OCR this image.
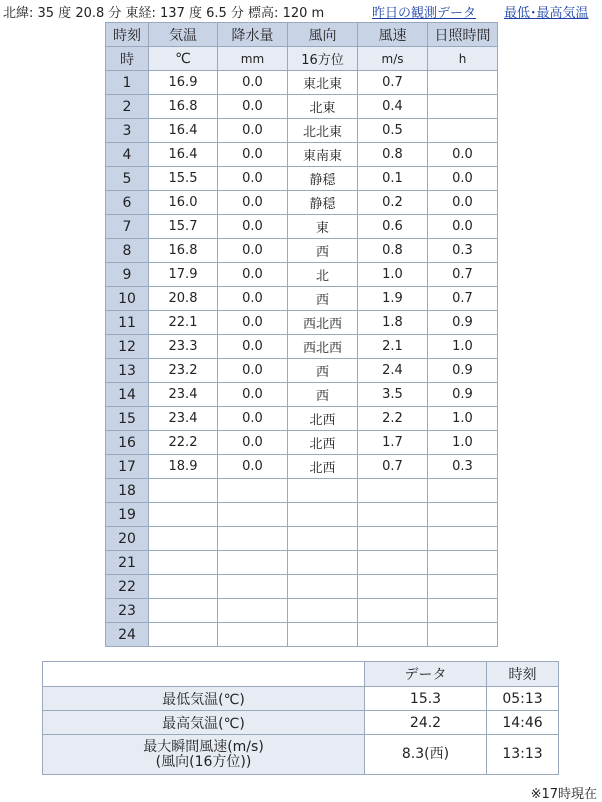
北緯: 35 度 20.8 分 東経: 137 度 6.5 分 標高: 120 m	昨日の観測データ 最低･最高気温
時刻	気温	降水量	風向	風速	日照時間
時	℃	mm	16方位	m/s	h
1	16.9	0.0	東北東	0.7	
2	16.8	0.0	北東	0.4	
3	16.4	0.0	北北東	0.5	
4	16.4	0.0	東南東	0.8	0.0
5	15.5	0.0	静穏	0.1	0.0
6	16.0	0.0	静穏	0.2	0.0
7	15.7	0.0	東	0.6	0.0
8	16.8	0.0	西	0.8	0.3
9	17.9	0.0	北	1.0	0.7
10	20.8	0.0	西	1.9	0.7
11	22.1	0.0	西北西	1.8	0.9
12	23.3	0.0	西北西	2.1	1.0
13	23.2	0.0	西	2.4	0.9
14	23.4	0.0	西	3.5	0.9
15	23.4	0.0	北西	2.2	1.0
16	22.2	0.0	北西	1.7	1.0
17	18.9	0.0	北西	0.7	0.3
18					
19					
20					
21					
22					
23					
24					
	データ	時刻
最低気温(℃)	15.3	05:13
最高気温(℃)	24.2	14:46

最大瞬間風速(m/s)
(風向(16方位))	8.3(西)	13:13
※17時現在
